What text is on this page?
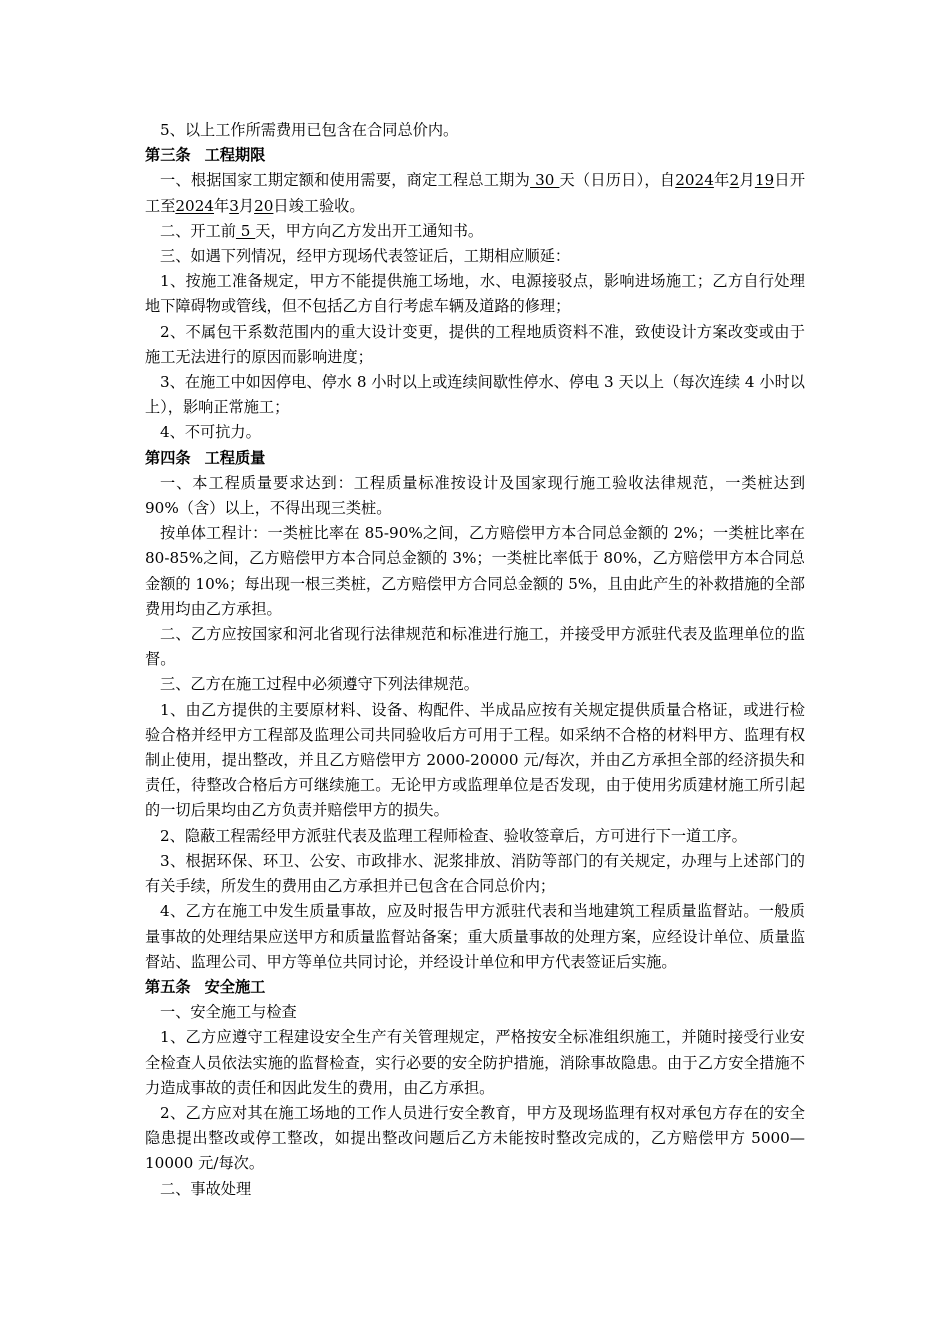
5、以上工作所需费用已包含在合同总价内。

第三条 工程期限

一、根据国家工期定额和使用需要，商定工程总工期为 30 天（日历日），自2024年2月19日开工至2024年3月20日竣工验收。

二、开工前 5 天，甲方向乙方发出开工通知书。

三、如遇下列情况，经甲方现场代表签证后，工期相应顺延：

1、按施工准备规定，甲方不能提供施工场地，水、电源接驳点，影响进场施工；乙方自行处理地下障碍物或管线，但不包括乙方自行考虑车辆及道路的修理；

2、不属包干系数范围内的重大设计变更，提供的工程地质资料不准，致使设计方案改变或由于施工无法进行的原因而影响进度；

3、在施工中如因停电、停水 8 小时以上或连续间歇性停水、停电 3 天以上（每次连续 4 小时以上），影响正常施工；

4、不可抗力。

第四条 工程质量

一、本工程质量要求达到：工程质量标准按设计及国家现行施工验收法律规范，一类桩达到 90%（含）以上，不得出现三类桩。

按单体工程计：一类桩比率在 85-90%之间，乙方赔偿甲方本合同总金额的 2%；一类桩比率在 80-85%之间，乙方赔偿甲方本合同总金额的 3%；一类桩比率低于 80%，乙方赔偿甲方本合同总金额的 10%；每出现一根三类桩，乙方赔偿甲方合同总金额的 5%，且由此产生的补救措施的全部费用均由乙方承担。

二、乙方应按国家和河北省现行法律规范和标准进行施工，并接受甲方派驻代表及监理单位的监督。

三、乙方在施工过程中必须遵守下列法律规范。

1、由乙方提供的主要原材料、设备、构配件、半成品应按有关规定提供质量合格证，或进行检验合格并经甲方工程部及监理公司共同验收后方可用于工程。如采纳不合格的材料甲方、监理有权制止使用，提出整改，并且乙方赔偿甲方 2000-20000 元/每次，并由乙方承担全部的经济损失和责任，待整改合格后方可继续施工。无论甲方或监理单位是否发现，由于使用劣质建材施工所引起的一切后果均由乙方负责并赔偿甲方的损失。

2、隐蔽工程需经甲方派驻代表及监理工程师检查、验收签章后，方可进行下一道工序。

3、根据环保、环卫、公安、市政排水、泥浆排放、消防等部门的有关规定，办理与上述部门的有关手续，所发生的费用由乙方承担并已包含在合同总价内；

4、乙方在施工中发生质量事故，应及时报告甲方派驻代表和当地建筑工程质量监督站。一般质量事故的处理结果应送甲方和质量监督站备案；重大质量事故的处理方案，应经设计单位、质量监督站、监理公司、甲方等单位共同讨论，并经设计单位和甲方代表签证后实施。

第五条 安全施工

一、安全施工与检查

1、乙方应遵守工程建设安全生产有关管理规定，严格按安全标准组织施工，并随时接受行业安全检查人员依法实施的监督检查，实行必要的安全防护措施，消除事故隐患。由于乙方安全措施不力造成事故的责任和因此发生的费用，由乙方承担。

2、乙方应对其在施工场地的工作人员进行安全教育，甲方及现场监理有权对承包方存在的安全隐患提出整改或停工整改，如提出整改问题后乙方未能按时整改完成的，乙方赔偿甲方 5000—10000 元/每次。

二、事故处理
